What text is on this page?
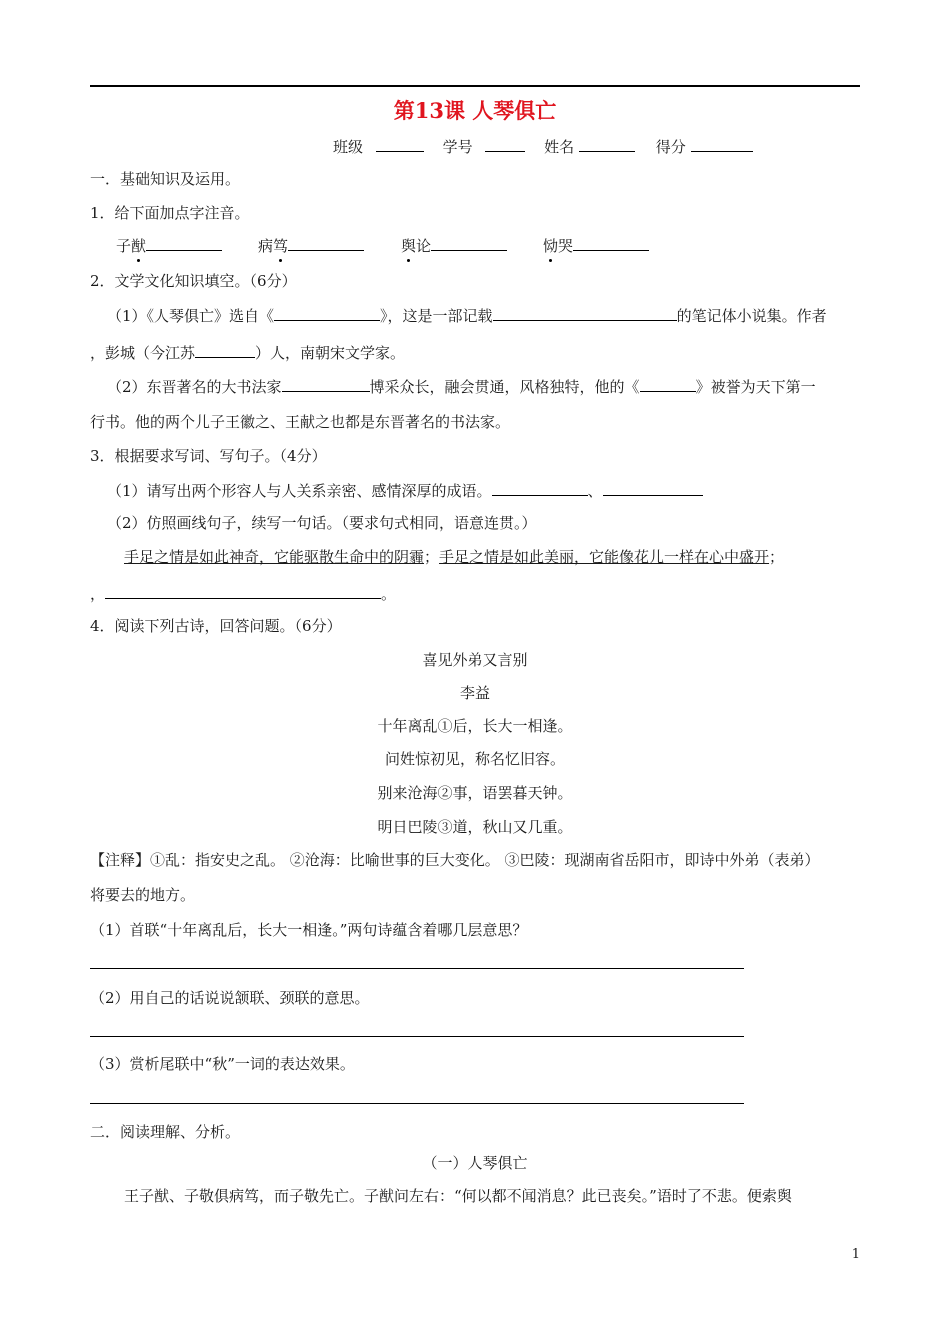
第13课 人琴俱亡
班级	学号	姓名	得分
一．基础知识及运用。
1．给下面加点字注音。
子猷	病笃	舆论	恸哭
2．文学文化知识填空。（6分）
（1）《人琴俱亡》选自《	》，这是一部记载	的笔记体小说集。作者
，彭城（今江苏	）人，南朝宋文学家。
（2）东晋著名的大书法家	博采众长，融会贯通，风格独特，他的《	》被誉为天下第一
行书。他的两个儿子王徽之、王献之也都是东晋著名的书法家。
3．根据要求写词、写句子。（4分）
（1）请写出两个形容人与人关系亲密、感情深厚的成语。	、
（2）仿照画线句子，续写一句话。（要求句式相同，语意连贯。）
手足之情是如此神奇，它能驱散生命中的阴霾；手足之情是如此美丽，它能像花儿一样在心中盛开；
，	。
4．阅读下列古诗，回答问题。（6分）
喜见外弟又言别
李益
十年离乱①后，长大一相逢。
问姓惊初见，称名忆旧容。
别来沧海②事，语罢暮天钟。
明日巴陵③道，秋山又几重。
【注释】①乱：指安史之乱。 ②沧海：比喻世事的巨大变化。 ③巴陵：现湖南省岳阳市，即诗中外弟（表弟）
将要去的地方。
（1）首联“十年离乱后，长大一相逢。”两句诗蕴含着哪几层意思？
（2）用自己的话说说颔联、颈联的意思。
（3）赏析尾联中“秋”一词的表达效果。
二．阅读理解、分析。
（一）人琴俱亡
王子猷、子敬俱病笃，而子敬先亡。子猷问左右：“何以都不闻消息？此已丧矣。”语时了不悲。便索舆
1
